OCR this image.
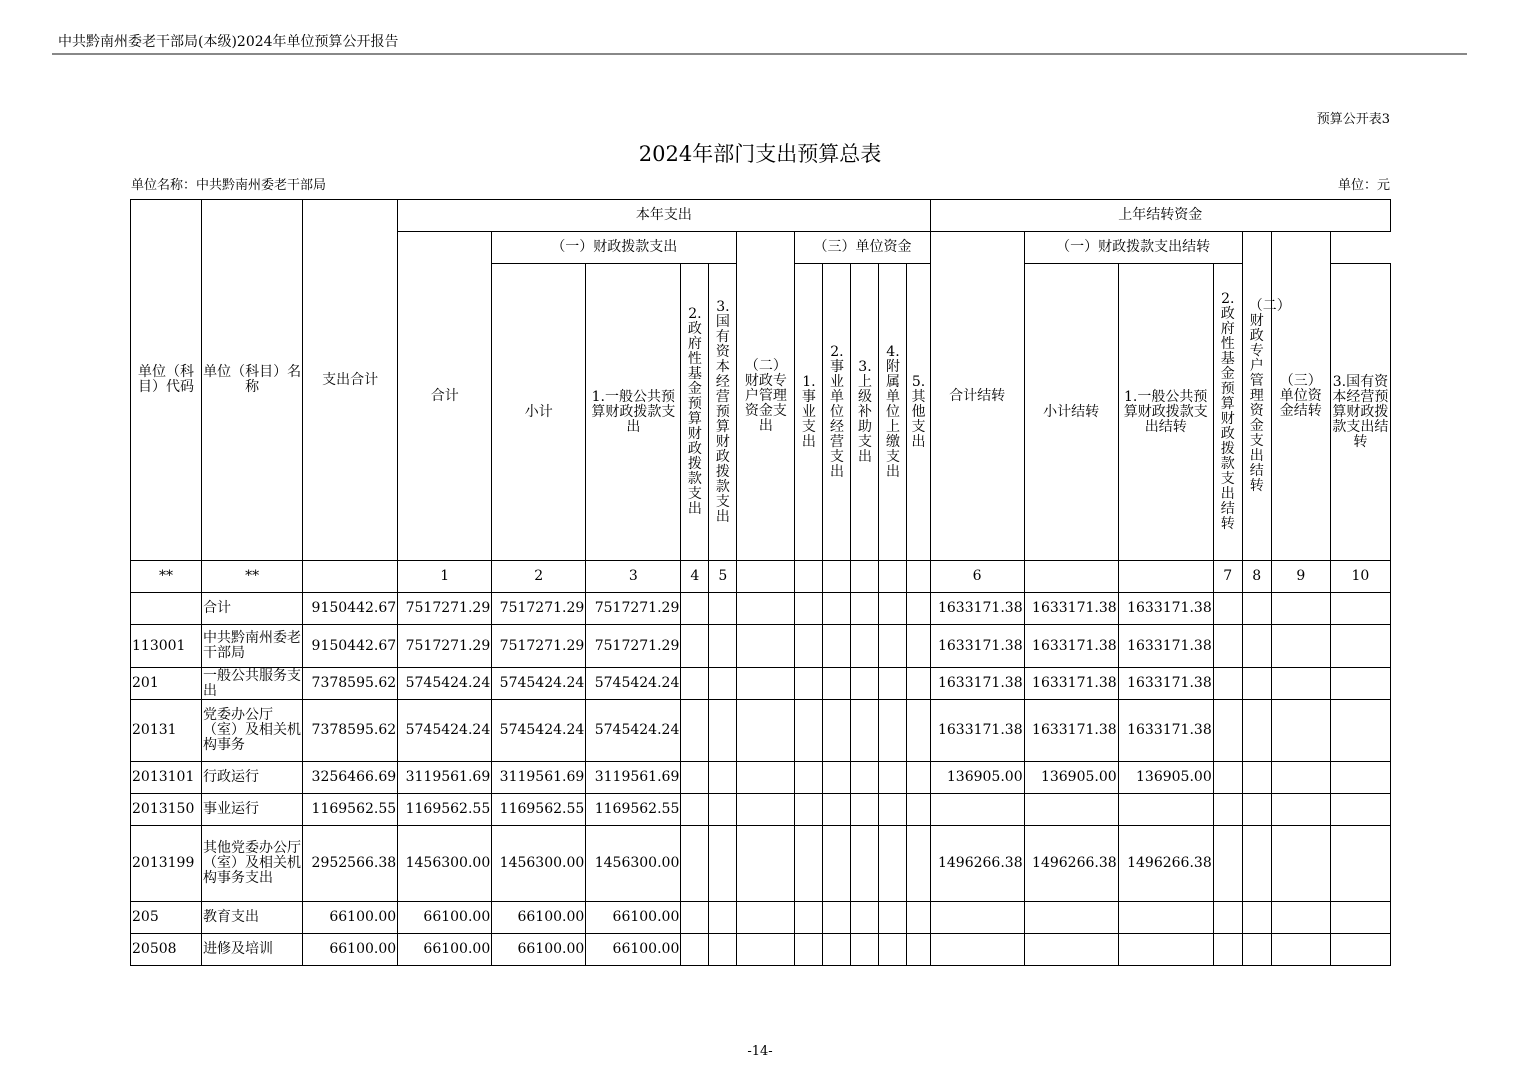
中共黔南州委老干部局(本级)2024年单位预算公开报告
预算公开表3
2024年部门支出预算总表
单位名称：中共黔南州委老干部局	单位：元
单位（科目）代码	单位（科目）名称	支出合计	本年支出											上年结转资金						
			合计	（一）财政拨款支出				（二）财政专户管理资金支出	（三）单位资金					合计结转	（一）财政拨款支出结转			（二）财政专户管理资金支出结转	（三）单位资金结转	
				小计	1.一般公共预算财政拨款支出	2.政府性基金预算财政拨款支出	3.国有资本经营预算财政拨款支出		1.事业支出	2.事业单位经营支出	3.上级补助支出	4.附属单位上缴支出	5.其他支出		小计结转	1.一般公共预算财政拨款支出结转	2.政府性基金预算财政拨款支出结转			3.国有资本经营预算财政拨款支出结转
**	**		1	2	3	4	5							6			7	8	9	10
	合计	9150442.67	7517271.29	7517271.29	7517271.29									1633171.38	1633171.38	1633171.38				
113001	中共黔南州委老干部局	9150442.67	7517271.29	7517271.29	7517271.29									1633171.38	1633171.38	1633171.38				
201	一般公共服务支出	7378595.62	5745424.24	5745424.24	5745424.24									1633171.38	1633171.38	1633171.38				
20131	党委办公厅（室）及相关机构事务	7378595.62	5745424.24	5745424.24	5745424.24									1633171.38	1633171.38	1633171.38				
2013101	行政运行	3256466.69	3119561.69	3119561.69	3119561.69									136905.00	136905.00	136905.00				
2013150	事业运行	1169562.55	1169562.55	1169562.55	1169562.55															
2013199	其他党委办公厅（室）及相关机构事务支出	2952566.38	1456300.00	1456300.00	1456300.00									1496266.38	1496266.38	1496266.38				
205	教育支出	66100.00	66100.00	66100.00	66100.00															
20508	进修及培训	66100.00	66100.00	66100.00	66100.00															
-14-
